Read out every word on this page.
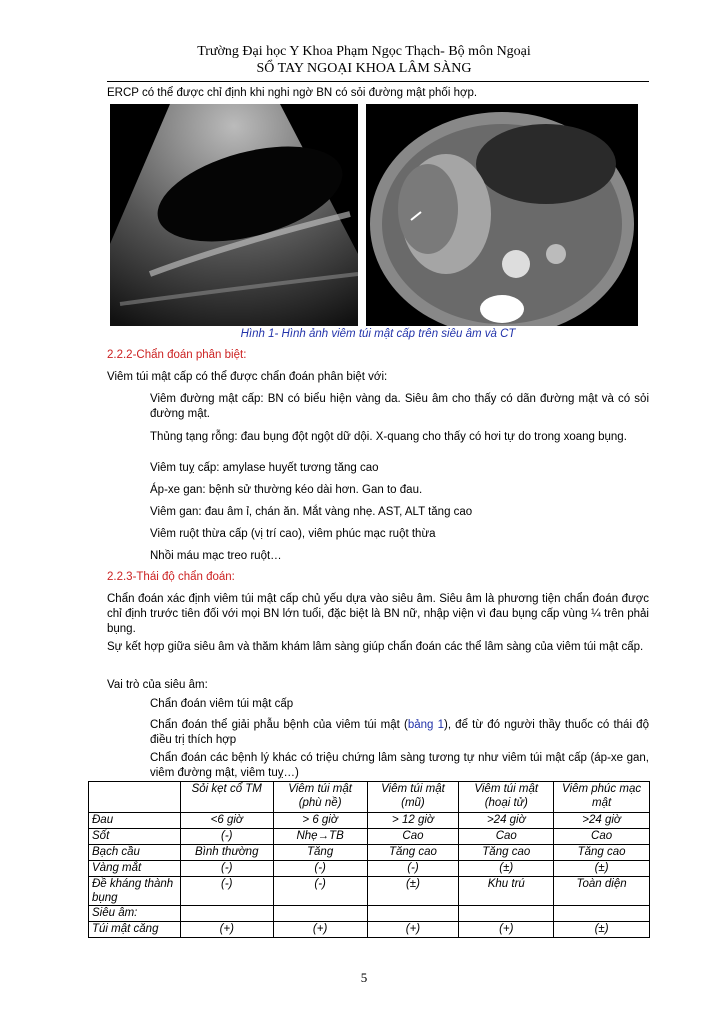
Trường Đại học Y Khoa Phạm Ngọc Thạch- Bộ môn Ngoại
SỔ TAY NGOẠI KHOA LÂM SÀNG
ERCP có thể được chỉ định khi nghi ngờ BN có sỏi đường mật phối hợp.
Hình 1- Hình ảnh viêm túi mật cấp trên siêu âm và CT
2.2.2-Chẩn đoán phân biệt:
Viêm túi mật cấp có thể được chẩn đoán phân biệt với:
Viêm đường mật cấp: BN có biểu hiện vàng da. Siêu âm cho thấy có dãn đường mật và có sỏi đường mật.
Thủng tạng rỗng: đau bụng đột ngột dữ dội. X-quang cho thấy có hơi tự do trong xoang bụng.
Viêm tuỵ cấp: amylase huyết tương tăng cao
Áp-xe gan: bệnh sử thường kéo dài hơn. Gan to đau.
Viêm gan: đau âm ỉ, chán ăn. Mắt vàng nhẹ. AST, ALT tăng cao
Viêm ruột thừa cấp (vị trí cao), viêm phúc mạc ruột thừa
Nhồi máu mạc treo ruột…
2.2.3-Thái độ chẩn đoán:
Chẩn đoán xác định viêm túi mật cấp chủ yếu dựa vào siêu âm. Siêu âm là phương tiện chẩn đoán được chỉ định trước tiên đối với mọi BN lớn tuổi, đặc biệt là BN nữ, nhập viện vì đau bụng cấp vùng ¼ trên phải bụng.
Sự kết hợp giữa siêu âm và thăm khám lâm sàng giúp chẩn đoán các thể lâm sàng của viêm túi mật cấp.
Vai trò của siêu âm:
Chẩn đoán viêm túi mật cấp
Chẩn đoán thể giải phẫu bệnh của viêm túi mật (bảng 1), để từ đó người thầy thuốc có thái độ điều trị thích hợp
Chẩn đoán các bệnh lý khác có triệu chứng lâm sàng tương tự như viêm túi mật cấp (áp-xe gan, viêm đường mật, viêm tuỵ…)
	Sỏi kẹt cổ TM	Viêm túi mật (phù nề)	Viêm túi mật (mũ)	Viêm túi mật (hoại tử)	Viêm phúc mạc mật
Đau	<6 giờ	> 6 giờ	> 12 giờ	>24 giờ	>24 giờ
Sốt	(-)	Nhẹ→TB	Cao	Cao	Cao
Bạch cầu	Bình thường	Tăng	Tăng cao	Tăng cao	Tăng cao
Vàng mắt	(-)	(-)	(-)	(±)	(±)
Đề kháng thành bụng	(-)	(-)	(±)	Khu trú	Toàn diện
Siêu âm:					
Túi mật căng	(+)	(+)	(+)	(+)	(±)
5
